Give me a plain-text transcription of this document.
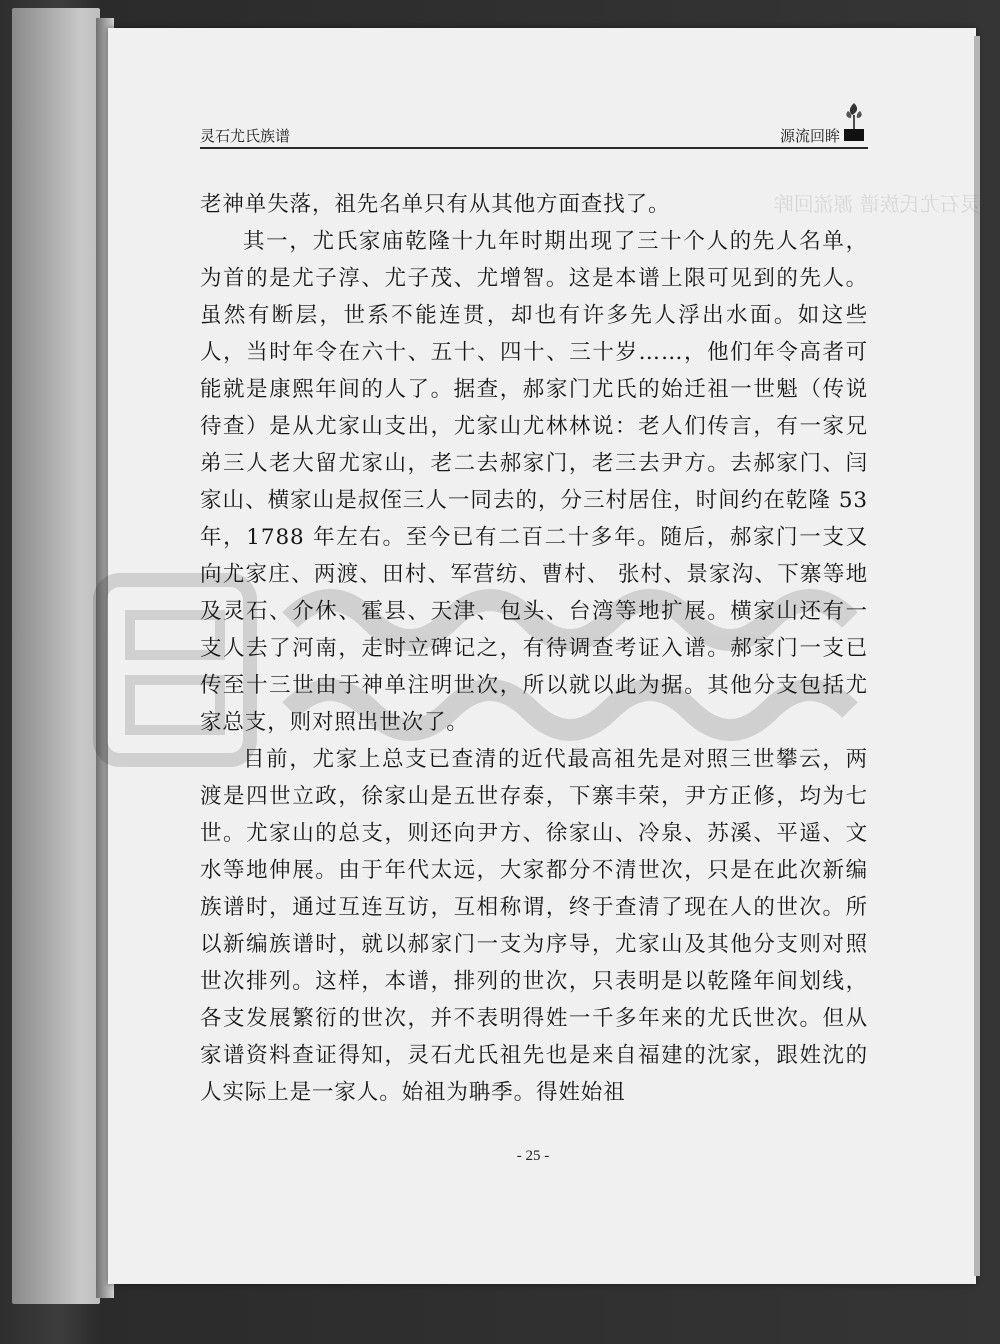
灵石尤氏族谱 源流回眸
灵石尤氏族谱	源流回眸

老神单失落，祖先名单只有从其他方面查找了。

其一，尤氏家庙乾隆十九年时期出现了三十个人的先人名单，为首的是尤子淳、尤子茂、尤增智。这是本谱上限可见到的先人。虽然有断层，世系不能连贯，却也有许多先人浮出水面。如这些人，当时年令在六十、五十、四十、三十岁……，他们年令高者可能就是康熙年间的人了。据查，郝家门尤氏的始迁祖一世魁（传说待查）是从尤家山支出，尤家山尤林林说：老人们传言，有一家兄弟三人老大留尤家山，老二去郝家门，老三去尹方。去郝家门、闫家山、横家山是叔侄三人一同去的，分三村居住，时间约在乾隆 53 年，1788 年左右。至今已有二百二十多年。随后，郝家门一支又向尤家庄、两渡、田村、军营纺、曹村、 张村、景家沟、下寨等地及灵石、介休、霍县、天津、包头、台湾等地扩展。横家山还有一支人去了河南，走时立碑记之，有待调查考证入谱。郝家门一支已传至十三世由于神单注明世次，所以就以此为据。其他分支包括尤家总支，则对照出世次了。

目前，尤家上总支已查清的近代最高祖先是对照三世攀云，两渡是四世立政，徐家山是五世存泰，下寨丰荣，尹方正修，均为七世。尤家山的总支，则还向尹方、徐家山、冷泉、苏溪、平遥、文水等地伸展。由于年代太远，大家都分不清世次，只是在此次新编族谱时，通过互连互访，互相称谓，终于查清了现在人的世次。所以新编族谱时，就以郝家门一支为序导，尤家山及其他分支则对照世次排列。这样，本谱，排列的世次，只表明是以乾隆年间划线，各支发展繁衍的世次，并不表明得姓一千多年来的尤氏世次。但从家谱资料查证得知，灵石尤氏祖先也是来自福建的沈家，跟姓沈的人实际上是一家人。始祖为聃季。得姓始祖

- 25 -
